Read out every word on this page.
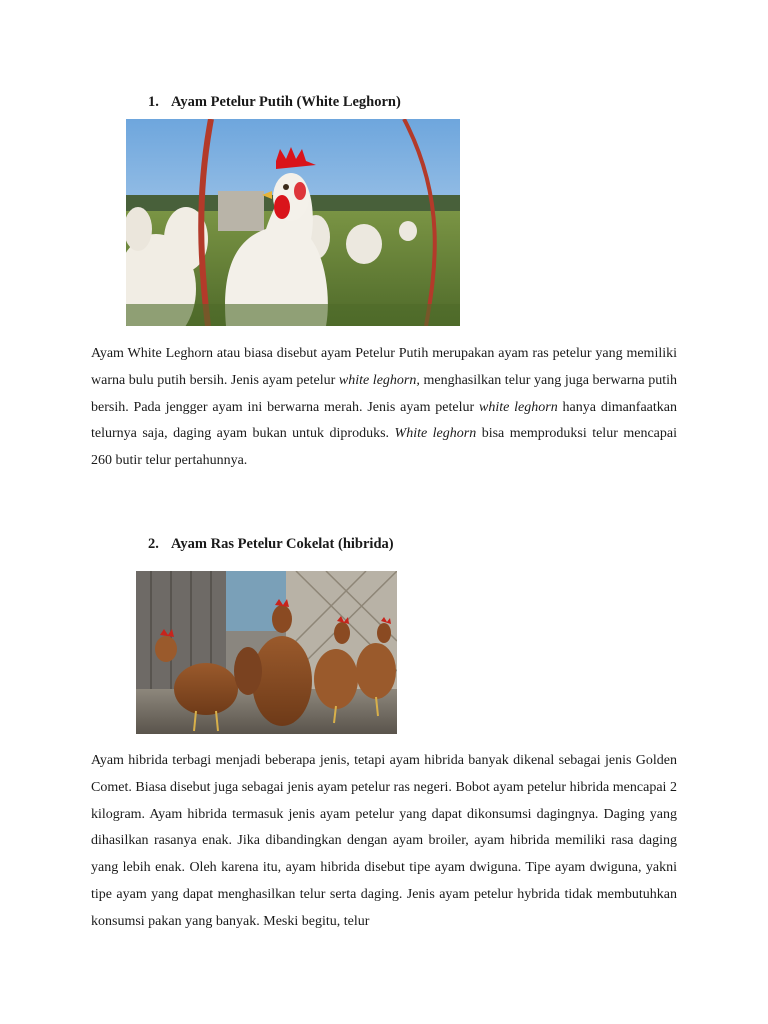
1. Ayam Petelur Putih (White Leghorn)

Ayam White Leghorn atau biasa disebut ayam Petelur Putih merupakan ayam ras petelur yang memiliki warna bulu putih bersih. Jenis ayam petelur white leghorn, menghasilkan telur yang juga berwarna putih bersih. Pada jengger ayam ini berwarna merah. Jenis ayam petelur white leghorn hanya dimanfaatkan telurnya saja, daging ayam bukan untuk diproduks. White leghorn bisa memproduksi telur mencapai 260 butir telur pertahunnya.

2. Ayam Ras Petelur Cokelat (hibrida)

Ayam hibrida terbagi menjadi beberapa jenis, tetapi ayam hibrida banyak dikenal sebagai jenis Golden Comet. Biasa disebut juga sebagai jenis ayam petelur ras negeri. Bobot ayam petelur hibrida mencapai 2 kilogram. Ayam hibrida termasuk jenis ayam petelur yang dapat dikonsumsi dagingnya. Daging yang dihasilkan rasanya enak. Jika dibandingkan dengan ayam broiler, ayam hibrida memiliki rasa daging yang lebih enak. Oleh karena itu, ayam hibrida disebut tipe ayam dwiguna. Tipe ayam dwiguna, yakni tipe ayam yang dapat menghasilkan telur serta daging. Jenis ayam petelur hybrida tidak membutuhkan konsumsi pakan yang banyak. Meski begitu, telur
